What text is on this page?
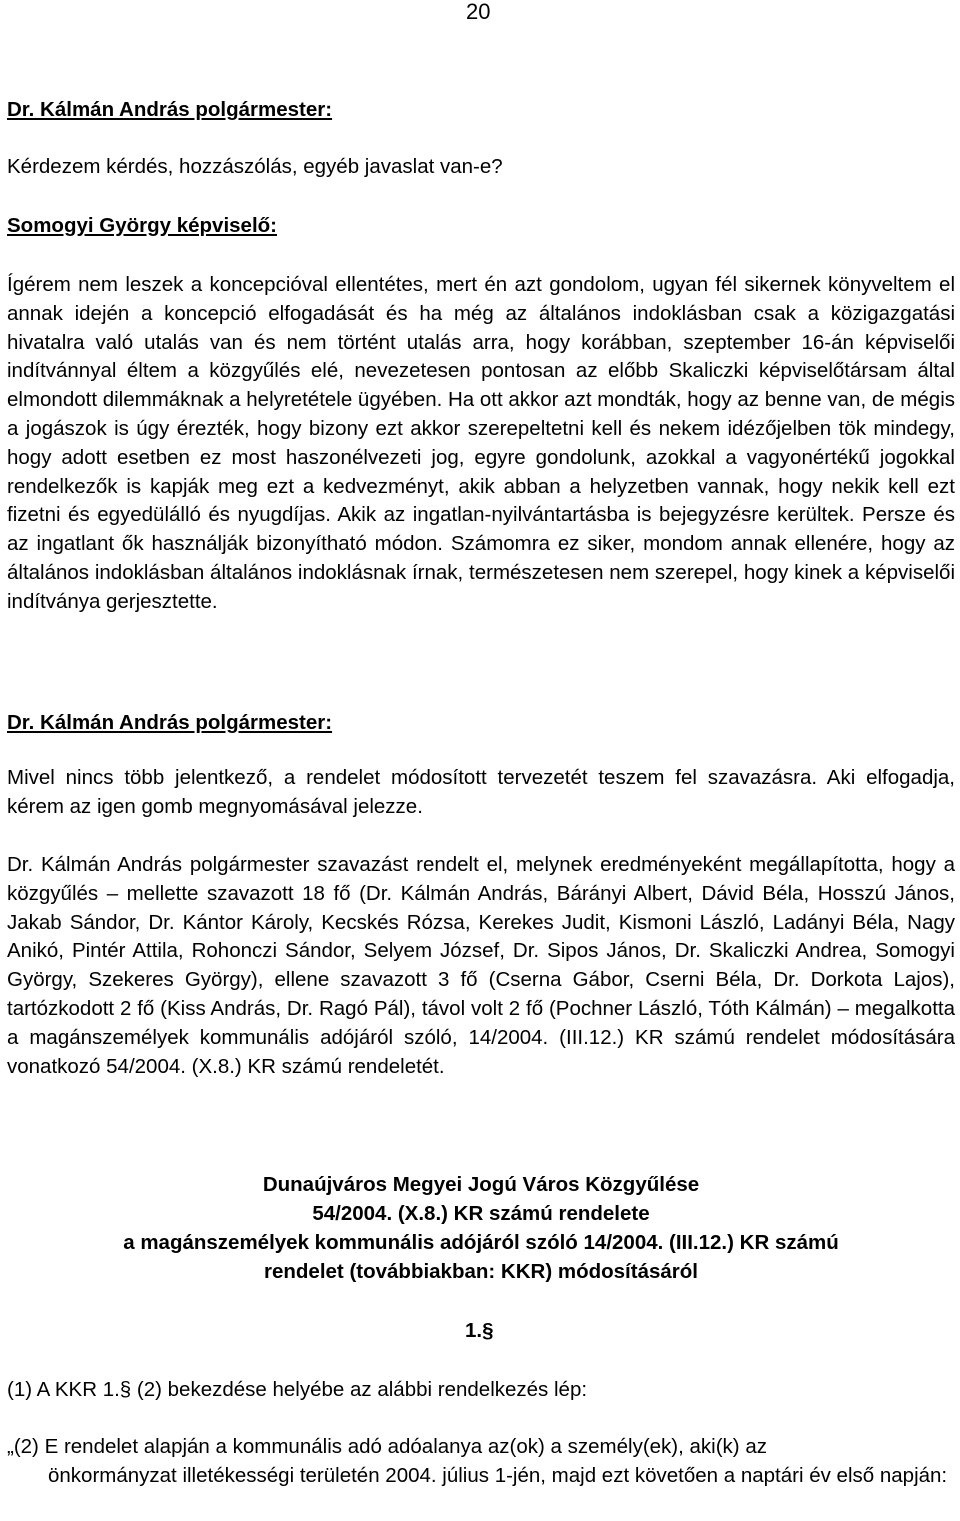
20
Dr. Kálmán András polgármester:

Kérdezem kérdés, hozzászólás, egyéb javaslat van-e?

Somogyi György képviselő:

Ígérem nem leszek a koncepcióval ellentétes, mert én azt gondolom, ugyan fél sikernek könyveltem el annak idején a koncepció elfogadását és ha még az általános indoklásban csak a közigazgatási hivatalra való utalás van és nem történt utalás arra, hogy korábban, szeptember 16-án képviselői indítvánnyal éltem a közgyűlés elé, nevezetesen pontosan az előbb Skaliczki képviselőtársam által elmondott dilemmáknak a helyretétele ügyében. Ha ott akkor azt mondták, hogy az benne van, de mégis a jogászok is úgy érezték, hogy bizony ezt akkor szerepeltetni kell és nekem idézőjelben tök mindegy, hogy adott esetben ez most haszonélvezeti jog, egyre gondolunk, azokkal a vagyonértékű jogokkal rendelkezők is kapják meg ezt a kedvezményt, akik abban a helyzetben vannak, hogy nekik kell ezt fizetni és egyedülálló és nyugdíjas. Akik az ingatlan-nyilvántartásba is bejegyzésre kerültek. Persze és az ingatlant ők használják bizonyítható módon. Számomra ez siker, mondom annak ellenére, hogy az általános indoklásban általános indoklásnak írnak, természetesen nem szerepel, hogy kinek a képviselői indítványa gerjesztette.

Dr. Kálmán András polgármester:

Mivel nincs több jelentkező, a rendelet módosított tervezetét teszem fel szavazásra. Aki elfogadja, kérem az igen gomb megnyomásával jelezze.

Dr. Kálmán András polgármester szavazást rendelt el, melynek eredményeként megállapította, hogy a közgyűlés – mellette szavazott 18 fő (Dr. Kálmán András, Bárányi Albert, Dávid Béla, Hosszú János, Jakab Sándor, Dr. Kántor Károly, Kecskés Rózsa, Kerekes Judit, Kismoni László, Ladányi Béla, Nagy Anikó, Pintér Attila, Rohonczi Sándor, Selyem József, Dr. Sipos János, Dr. Skaliczki Andrea, Somogyi György, Szekeres György), ellene szavazott 3 fő (Cserna Gábor, Cserni Béla, Dr. Dorkota Lajos), tartózkodott 2 fő (Kiss András, Dr. Ragó Pál), távol volt 2 fő (Pochner László, Tóth Kálmán) – megalkotta a magánszemélyek kommunális adójáról szóló, 14/2004. (III.12.) KR számú rendelet módosítására vonatkozó 54/2004. (X.8.) KR számú rendeletét.

Dunaújváros Megyei Jogú Város Közgyűlése
54/2004. (X.8.) KR számú rendelete
a magánszemélyek kommunális adójáról szóló 14/2004. (III.12.) KR számú
rendelet (továbbiakban: KKR) módosításáról
1.§

(1) A KKR 1.§ (2) bekezdése helyébe az alábbi rendelkezés lép:

„(2) E rendelet alapján a kommunális adó adóalanya az(ok) a személy(ek), aki(k) az
önkormányzat illetékességi területén 2004. július 1-jén, majd ezt követően a naptári év első napján:
